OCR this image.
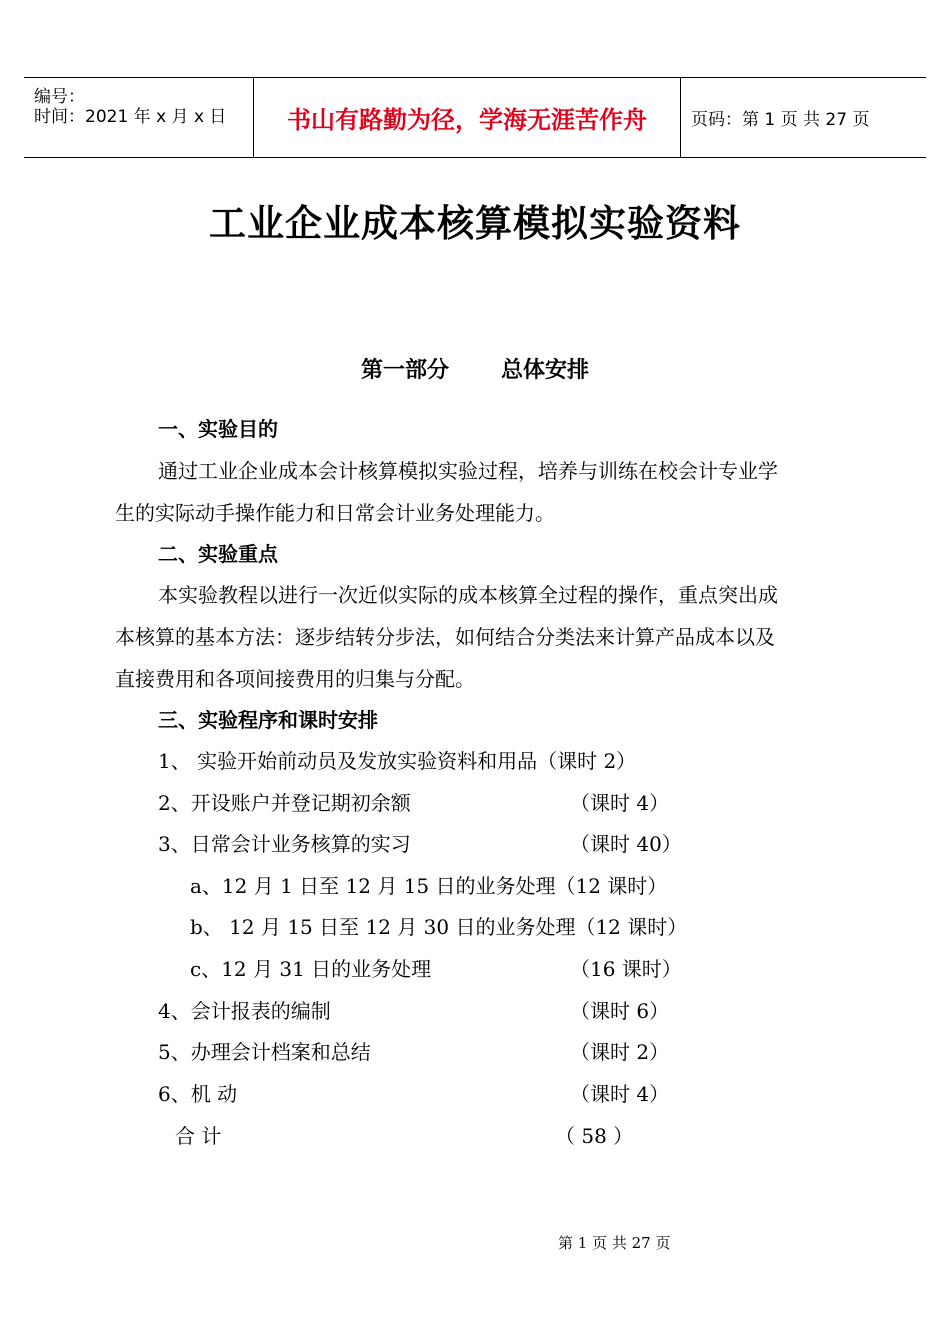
编号：
时间：2021 年 x 月 x 日	书山有路勤为径，学海无涯苦作舟	页码：第 1 页 共 27 页
工业企业成本核算模拟实验资料
第一部分 总体安排
一、实验目的
通过工业企业成本会计核算模拟实验过程，培养与训练在校会计专业学
生的实际动手操作能力和日常会计业务处理能力。
二、实验重点
本实验教程以进行一次近似实际的成本核算全过程的操作，重点突出成
本核算的基本方法：逐步结转分步法，如何结合分类法来计算产品成本以及
直接费用和各项间接费用的归集与分配。
三、实验程序和课时安排
1、 实验开始前动员及发放实验资料和用品（课时 2）
2、开设账户并登记期初余额	（课时 4）
3、日常会计业务核算的实习	（课时 40）
a、12 月 1 日至 12 月 15 日的业务处理（12 课时）
b、 12 月 15 日至 12 月 30 日的业务处理（12 课时）
c、12 月 31 日的业务处理	（16 课时）
4、会计报表的编制	（课时 6）
5、办理会计档案和总结	（课时 2）
6、机 动	（课时 4）
合 计	（ 58 ）
第 1 页 共 27 页
